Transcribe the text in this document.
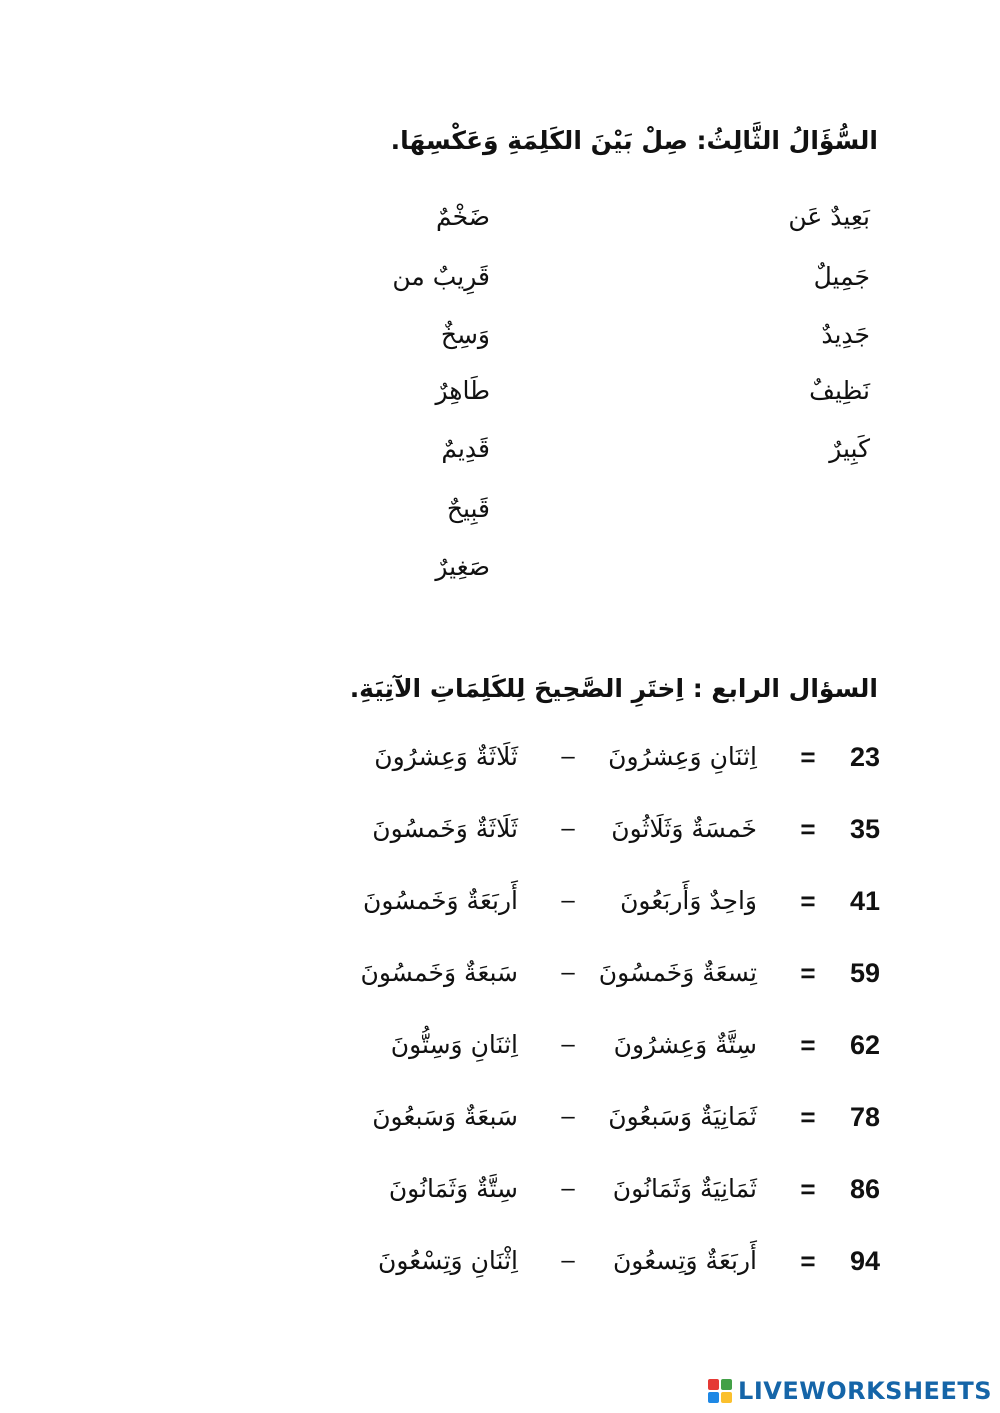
السُّؤَالُ الثَّالِثُ: صِلْ بَيْنَ الكَلِمَةِ وَعَكْسِهَا.
بَعِيدٌ عَن
جَمِيلٌ
جَدِيدٌ
نَظِيفٌ
كَبِيرٌ
ضَخْمٌ
قَرِيبٌ من
وَسِخٌ
طَاهِرٌ
قَدِيمٌ
قَبِيحٌ
صَغِيرٌ
السؤال الرابع : اِختَرِ الصَّحِيحَ لِلكَلِمَاتِ الآتِيَةِ.
23
=
اِثنَانِ وَعِشرُونَ
–
ثَلَاثَةٌ وَعِشرُونَ
35
=
خَمسَةٌ وَثَلَاثُونَ
–
ثَلَاثَةٌ وَخَمسُونَ
41
=
وَاحِدٌ وَأَربَعُونَ
–
أَربَعَةٌ وَخَمسُونَ
59
=
تِسعَةٌ وَخَمسُونَ
–
سَبعَةٌ وَخَمسُونَ
62
=
سِتَّةٌ وَعِشرُونَ
–
اِثنَانِ وَسِتُّونَ
78
=
ثَمَانِيَةٌ وَسَبعُونَ
–
سَبعَةٌ وَسَبعُونَ
86
=
ثَمَانِيَةٌ وَثَمَانُونَ
–
سِتَّةٌ وَثَمَانُونَ
94
=
أَربَعَةٌ وَتِسعُونَ
–
اِثْنَانِ وَتِسْعُونَ
LIVEWORKSHEETS
